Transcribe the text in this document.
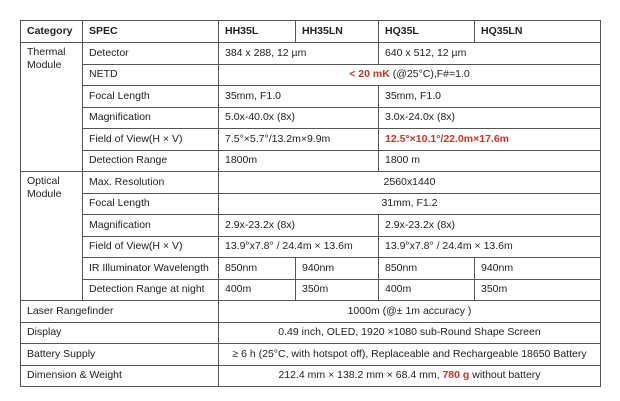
Category	SPEC	HH35L	HH35LN	HQ35L	HQ35LN
Thermal Module	Detector	384 x 288, 12 µm		640 x 512, 12 µm	
	NETD	< 20 mK (@25°C),F#=1.0			
	Focal Length	35mm, F1.0		35mm, F1.0	
	Magnification	5.0x-40.0x (8x)		3.0x-24.0x (8x)	
	Field of View(H × V)	7.5°×5.7°/13.2m×9.9m		12.5°×10.1°/22.0m×17.6m	
	Detection Range	1800m		1800 m	
Optical Module	Max. Resolution	2560x1440			
	Focal Length	31mm, F1.2			
	Magnification	2.9x-23.2x (8x)		2.9x-23.2x (8x)	
	Field of View(H × V)	13.9°x7.8° / 24.4m × 13.6m		13.9°x7.8° / 24.4m × 13.6m	
	IR Illuminator Wavelength	850nm	940nm	850nm	940nm
	Detection Range at night	400m	350m	400m	350m
Laser Rangefinder		1000m (@± 1m accuracy )			
Display		0.49 inch, OLED, 1920 ×1080 sub-Round Shape Screen			
Battery Supply		≥ 6 h (25°C, with hotspot off), Replaceable and Rechargeable 18650 Battery			
Dimension & Weight		212.4 mm × 138.2 mm × 68.4 mm, 780 g without battery			
